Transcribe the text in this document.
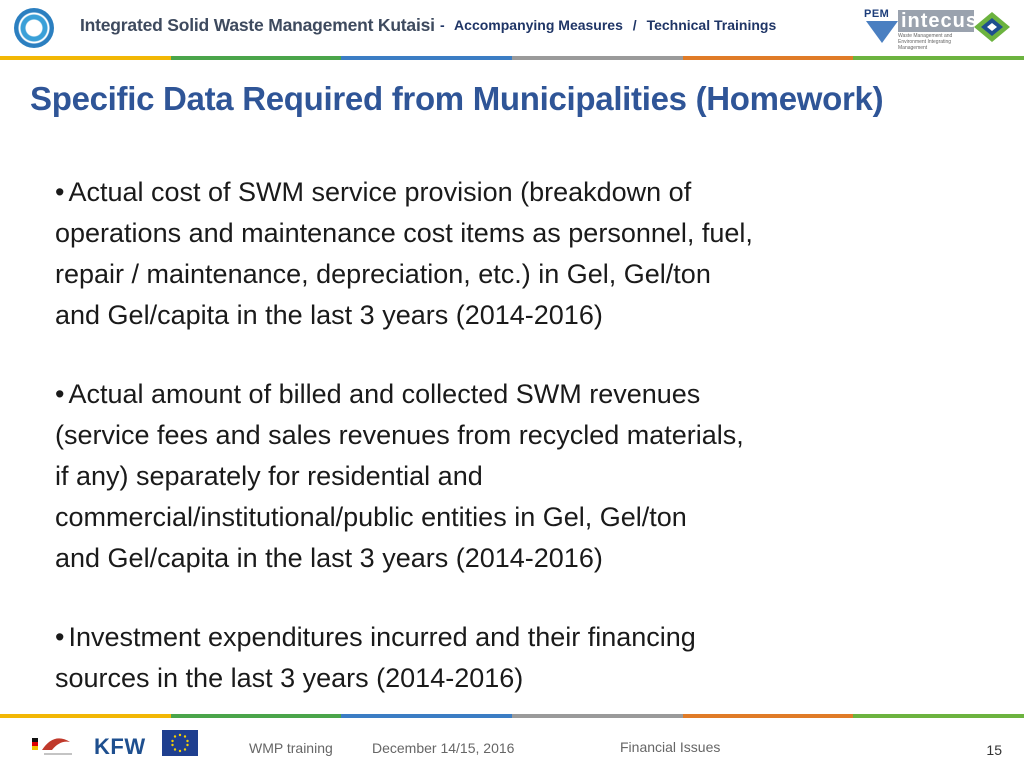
Integrated Solid Waste Management Kutaisi - Accompanying Measures / Technical Trainings
PEM intecus
Waste Management and Environment Integrating Management
Specific Data Required from Municipalities (Homework)
• Actual cost of SWM service provision (breakdown of
operations and maintenance cost items as personnel, fuel,
repair / maintenance, depreciation, etc.) in Gel, Gel/ton
and Gel/capita in the last 3 years (2014-2016)
• Actual amount of billed and collected SWM revenues
(service fees and sales revenues from recycled materials,
if any) separately for residential and
commercial/institutional/public entities in Gel, Gel/ton
and Gel/capita in the last 3 years (2014-2016)
• Investment expenditures incurred and their financing
sources in the last 3 years (2014-2016)
KFW	WMP training	December 14/15, 2016	Financial Issues	15
